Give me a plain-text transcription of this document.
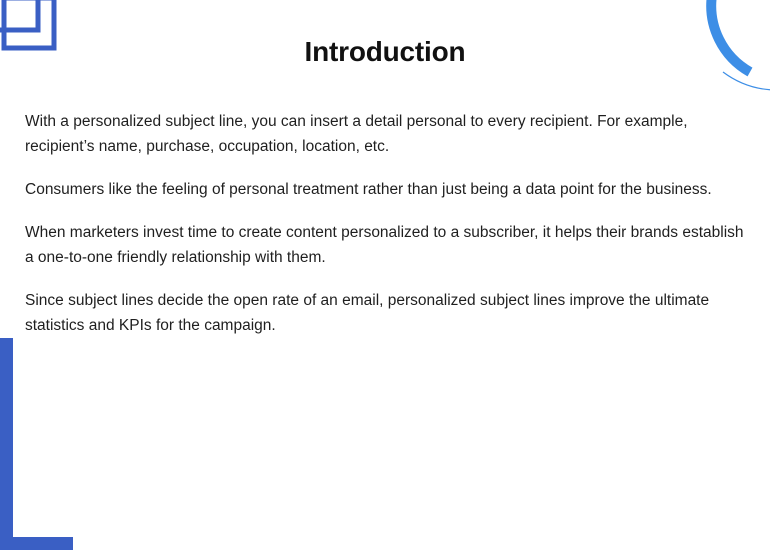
Introduction

With a personalized subject line, you can insert a detail personal to every recipient. For example, recipient’s name, purchase, occupation, location, etc.

Consumers like the feeling of personal treatment rather than just being a data point for the business.

When marketers invest time to create content personalized to a subscriber, it helps their brands establish a one-to-one friendly relationship with them.

Since subject lines decide the open rate of an email, personalized subject lines improve the ultimate statistics and KPIs for the campaign.
